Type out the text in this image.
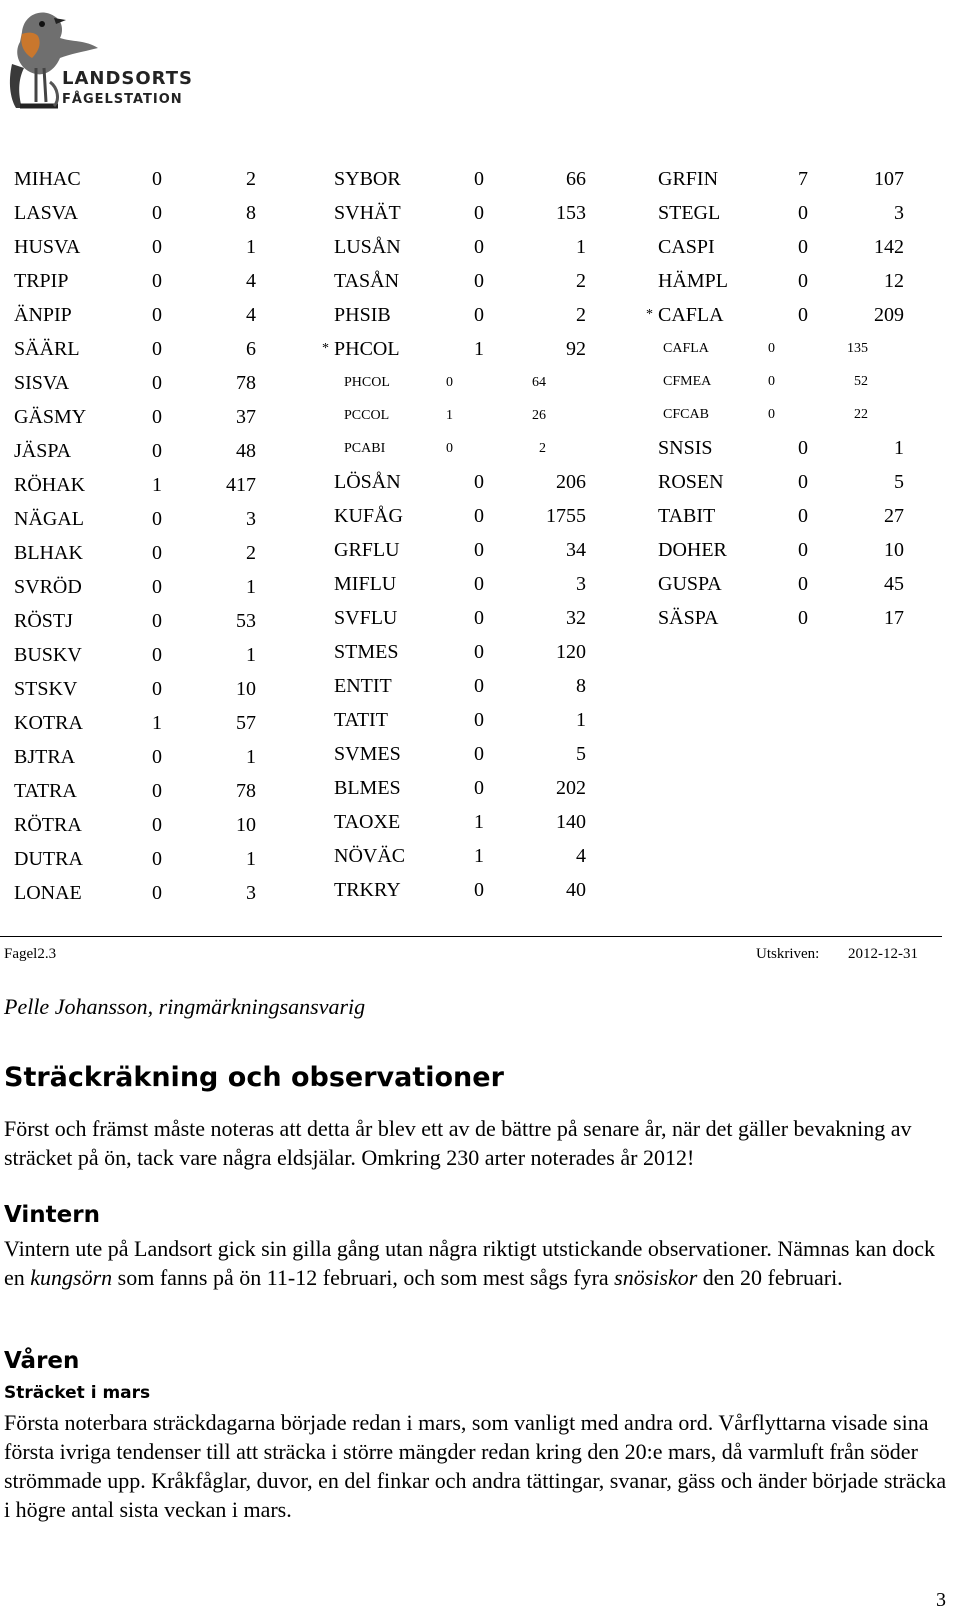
LANDSORTS
FÅGELSTATION
MIHAC	0	2
LASVA	0	8
HUSVA	0	1
TRPIP	0	4
ÄNPIP	0	4
SÄÄRL	0	6
SISVA	0	78
GÄSMY	0	37
JÄSPA	0	48
RÖHAK	1	417
NÄGAL	0	3
BLHAK	0	2
SVRÖD	0	1
RÖSTJ	0	53
BUSKV	0	1
STSKV	0	10
KOTRA	1	57
BJTRA	0	1
TATRA	0	78
RÖTRA	0	10
DUTRA	0	1
LONAE	0	3
SYBOR	0	66
SVHÄT	0	153
LUSÅN	0	1
TASÅN	0	2
PHSIB	0	2
PHCOL	1	92
*
PHCOL	0	64
PCCOL	1	26
PCABI	0	2
LÖSÅN	0	206
KUFÅG	0	1755
GRFLU	0	34
MIFLU	0	3
SVFLU	0	32
STMES	0	120
ENTIT	0	8
TATIT	0	1
SVMES	0	5
BLMES	0	202
TAOXE	1	140
NÖVÄC	1	4
TRKRY	0	40
GRFIN	7	107
STEGL	0	3
CASPI	0	142
HÄMPL	0	12
CAFLA	0	209
*
CAFLA	0	135
CFMEA	0	52
CFCAB	0	22
SNSIS	0	1
ROSEN	0	5
TABIT	0	27
DOHER	0	10
GUSPA	0	45
SÄSPA	0	17
Fagel2.3	Utskriven: 2012-12-31
Pelle Johansson, ringmärkningsansvarig
Sträckräkning och observationer
Först och främst måste noteras att detta år blev ett av de bättre på senare år, när det gäller bevakning av sträcket på ön, tack vare några eldsjälar. Omkring 230 arter noterades år 2012!
Vintern
Vintern ute på Landsort gick sin gilla gång utan några riktigt utstickande observationer. Nämnas kan dock en kungsörn som fanns på ön 11-12 februari, och som mest sågs fyra snösiskor den 20 februari.
Våren
Sträcket i mars
Första noterbara sträckdagarna började redan i mars, som vanligt med andra ord. Vårflyttarna visade sina första ivriga tendenser till att sträcka i större mängder redan kring den 20:e mars, då varmluft från söder strömmade upp. Kråkfåglar, duvor, en del finkar och andra tättingar, svanar, gäss och änder började sträcka i högre antal sista veckan i mars.
3
